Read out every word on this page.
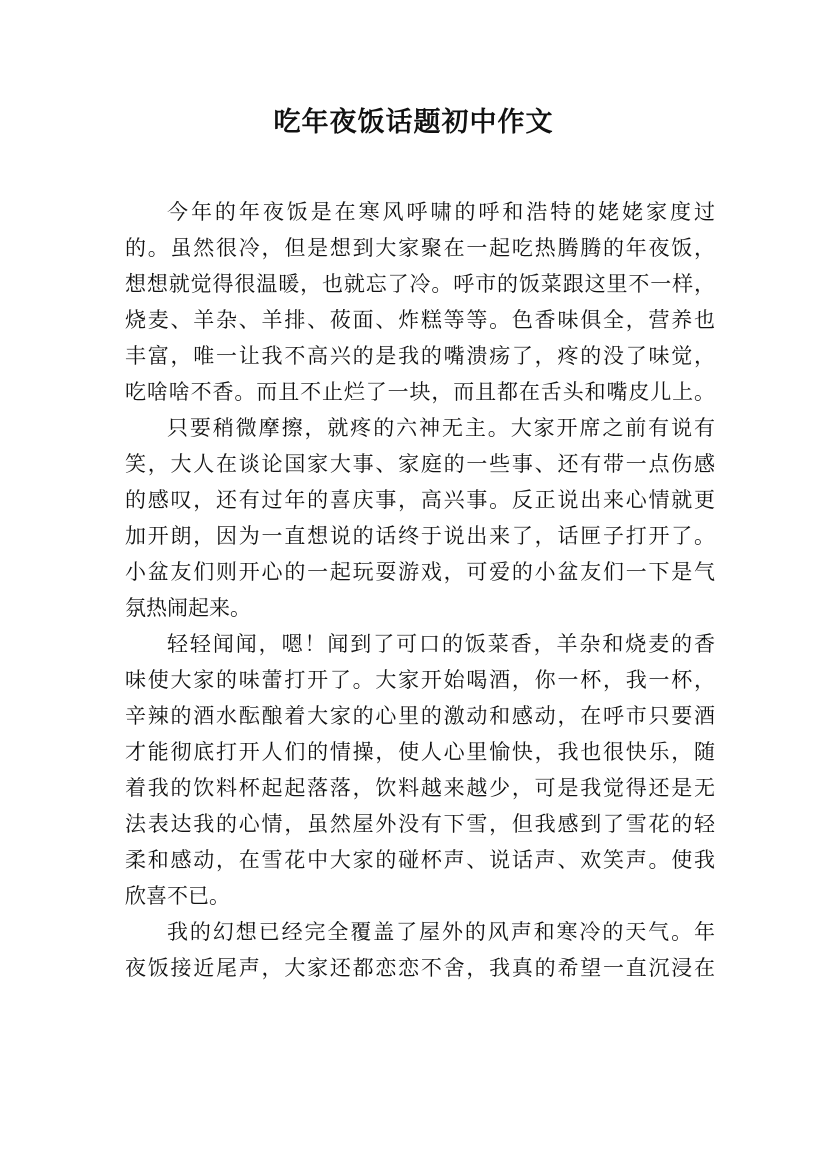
吃年夜饭话题初中作文
今年的年夜饭是在寒风呼啸的呼和浩特的姥姥家度过
的。虽然很冷，但是想到大家聚在一起吃热腾腾的年夜饭，
想想就觉得很温暖，也就忘了冷。呼市的饭菜跟这里不一样，
烧麦、羊杂、羊排、莜面、炸糕等等。色香味俱全，营养也
丰富，唯一让我不高兴的是我的嘴溃疡了，疼的没了味觉，
吃啥啥不香。而且不止烂了一块，而且都在舌头和嘴皮儿上。
只要稍微摩擦，就疼的六神无主。大家开席之前有说有
笑，大人在谈论国家大事、家庭的一些事、还有带一点伤感
的感叹，还有过年的喜庆事，高兴事。反正说出来心情就更
加开朗，因为一直想说的话终于说出来了，话匣子打开了。
小盆友们则开心的一起玩耍游戏，可爱的小盆友们一下是气
氛热闹起来。
轻轻闻闻，嗯！闻到了可口的饭菜香，羊杂和烧麦的香
味使大家的味蕾打开了。大家开始喝酒，你一杯，我一杯，
辛辣的酒水酝酿着大家的心里的激动和感动，在呼市只要酒
才能彻底打开人们的情操，使人心里愉快，我也很快乐，随
着我的饮料杯起起落落，饮料越来越少，可是我觉得还是无
法表达我的心情，虽然屋外没有下雪，但我感到了雪花的轻
柔和感动，在雪花中大家的碰杯声、说话声、欢笑声。使我
欣喜不已。
我的幻想已经完全覆盖了屋外的风声和寒冷的天气。年
夜饭接近尾声，大家还都恋恋不舍，我真的希望一直沉浸在
